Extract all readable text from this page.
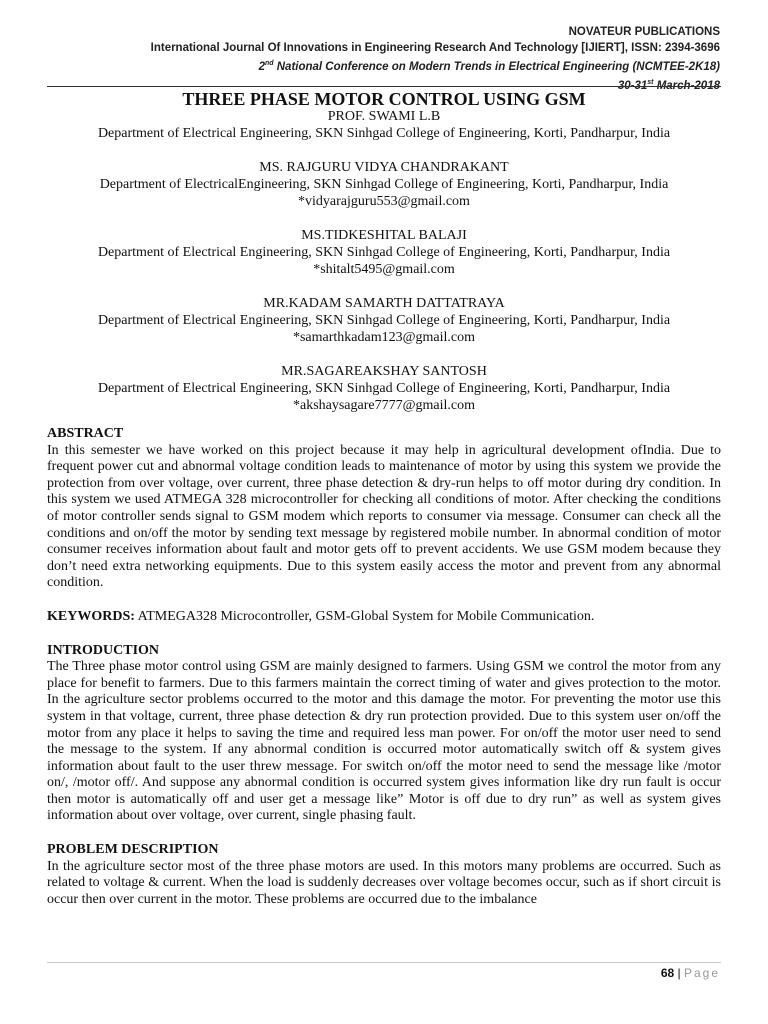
NOVATEUR PUBLICATIONS
International Journal Of Innovations in Engineering Research And Technology [IJIERT], ISSN: 2394-3696
2nd National Conference on Modern Trends in Electrical Engineering (NCMTEE-2K18)
30-31st March-2018
THREE PHASE MOTOR CONTROL USING GSM
PROF. SWAMI L.B
Department of Electrical Engineering, SKN Sinhgad College of Engineering, Korti, Pandharpur, India
MS. RAJGURU VIDYA CHANDRAKANT
Department of ElectricalEngineering, SKN Sinhgad College of Engineering, Korti, Pandharpur, India
*vidyarajguru553@gmail.com
MS.TIDKESHITAL BALAJI
Department of Electrical Engineering, SKN Sinhgad College of Engineering, Korti, Pandharpur, India
*shitalt5495@gmail.com
MR.KADAM SAMARTH DATTATRAYA
Department of Electrical Engineering, SKN Sinhgad College of Engineering, Korti, Pandharpur, India
*samarthkadam123@gmail.com
MR.SAGAREAKSHAY SANTOSH
Department of Electrical Engineering, SKN Sinhgad College of Engineering, Korti, Pandharpur, India
*akshaysagare7777@gmail.com

ABSTRACT

In this semester we have worked on this project because it may help in agricultural development ofIndia. Due to frequent power cut and abnormal voltage condition leads to maintenance of motor by using this system we provide the protection from over voltage, over current, three phase detection & dry-run helps to off motor during dry condition. In this system we used ATMEGA 328 microcontroller for checking all conditions of motor. After checking the conditions of motor controller sends signal to GSM modem which reports to consumer via message. Consumer can check all the conditions and on/off the motor by sending text message by registered mobile number. In abnormal condition of motor consumer receives information about fault and motor gets off to prevent accidents. We use GSM modem because they don’t need extra networking equipments. Due to this system easily access the motor and prevent from any abnormal condition.

KEYWORDS: ATMEGA328 Microcontroller, GSM-Global System for Mobile Communication.

INTRODUCTION

The Three phase motor control using GSM are mainly designed to farmers. Using GSM we control the motor from any place for benefit to farmers. Due to this farmers maintain the correct timing of water and gives protection to the motor. In the agriculture sector problems occurred to the motor and this damage the motor. For preventing the motor use this system in that voltage, current, three phase detection & dry run protection provided. Due to this system user on/off the motor from any place it helps to saving the time and required less man power. For on/off the motor user need to send the message to the system. If any abnormal condition is occurred motor automatically switch off & system gives information about fault to the user threw message. For switch on/off the motor need to send the message like /motor on/, /motor off/. And suppose any abnormal condition is occurred system gives information like dry run fault is occur then motor is automatically off and user get a message like” Motor is off due to dry run” as well as system gives information about over voltage, over current, single phasing fault.

PROBLEM DESCRIPTION

In the agriculture sector most of the three phase motors are used. In this motors many problems are occurred. Such as related to voltage & current. When the load is suddenly decreases over voltage becomes occur, such as if short circuit is occur then over current in the motor. These problems are occurred due to the imbalance

68 | Page
